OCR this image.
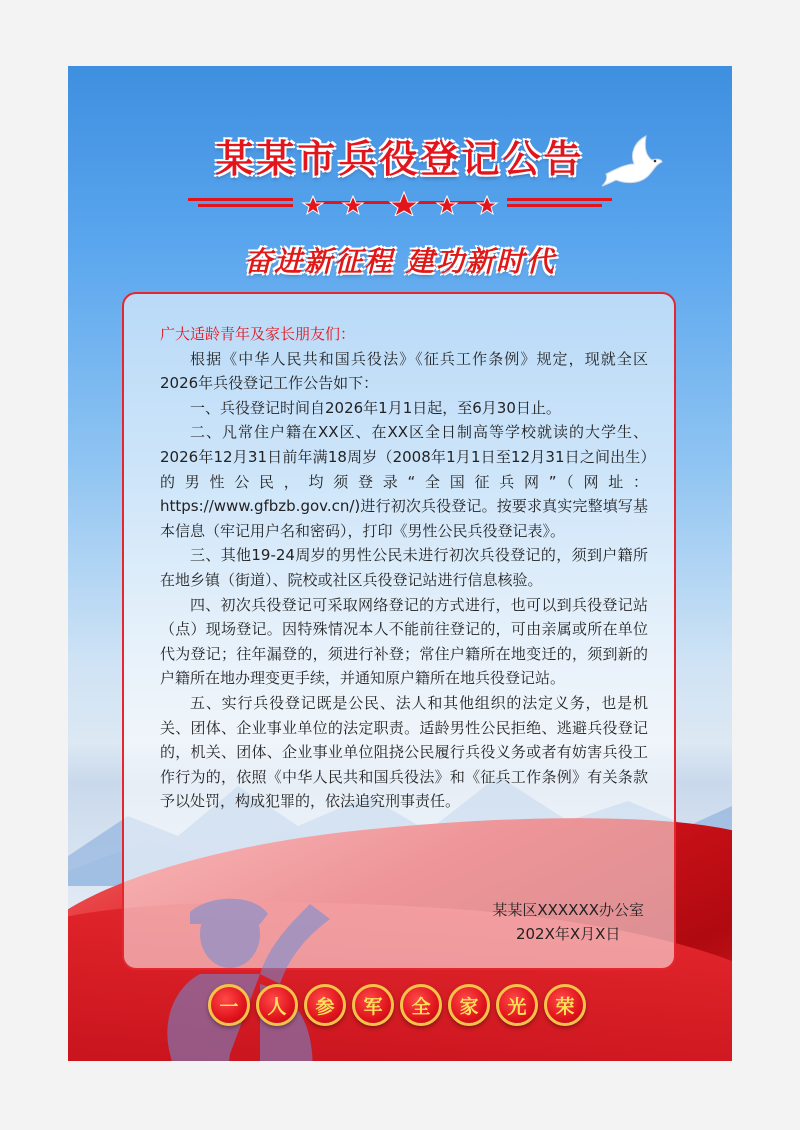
某某市兵役登记公告
奋进新征程 建功新时代
广大适龄青年及家长朋友们：

根据《中华人民共和国兵役法》《征兵工作条例》规定，现就全区2026年兵役登记工作公告如下：

一、兵役登记时间自2026年1月1日起，至6月30日止。

二、凡常住户籍在XX区、在XX区全日制高等学校就读的大学生、2026年12月31日前年满18周岁（2008年1月1日至12月31日之间出生）的男性公民，均须登录“全国征兵网”（网址：https://www.gfbzb.gov.cn/)进行初次兵役登记。按要求真实完整填写基本信息（牢记用户名和密码），打印《男性公民兵役登记表》。

三、其他19-24周岁的男性公民未进行初次兵役登记的，须到户籍所在地乡镇（街道）、院校或社区兵役登记站进行信息核验。

四、初次兵役登记可采取网络登记的方式进行，也可以到兵役登记站（点）现场登记。因特殊情况本人不能前往登记的，可由亲属或所在单位代为登记；往年漏登的，须进行补登；常住户籍所在地变迁的，须到新的户籍所在地办理变更手续，并通知原户籍所在地兵役登记站。

五、实行兵役登记既是公民、法人和其他组织的法定义务，也是机关、团体、企业事业单位的法定职责。适龄男性公民拒绝、逃避兵役登记的，机关、团体、企业事业单位阻挠公民履行兵役义务或者有妨害兵役工作行为的，依照《中华人民共和国兵役法》和《征兵工作条例》有关条款予以处罚，构成犯罪的，依法追究刑事责任。

某某区XXXXXX办公室
202X年X月X日
一	人	参	军	全	家	光	荣
